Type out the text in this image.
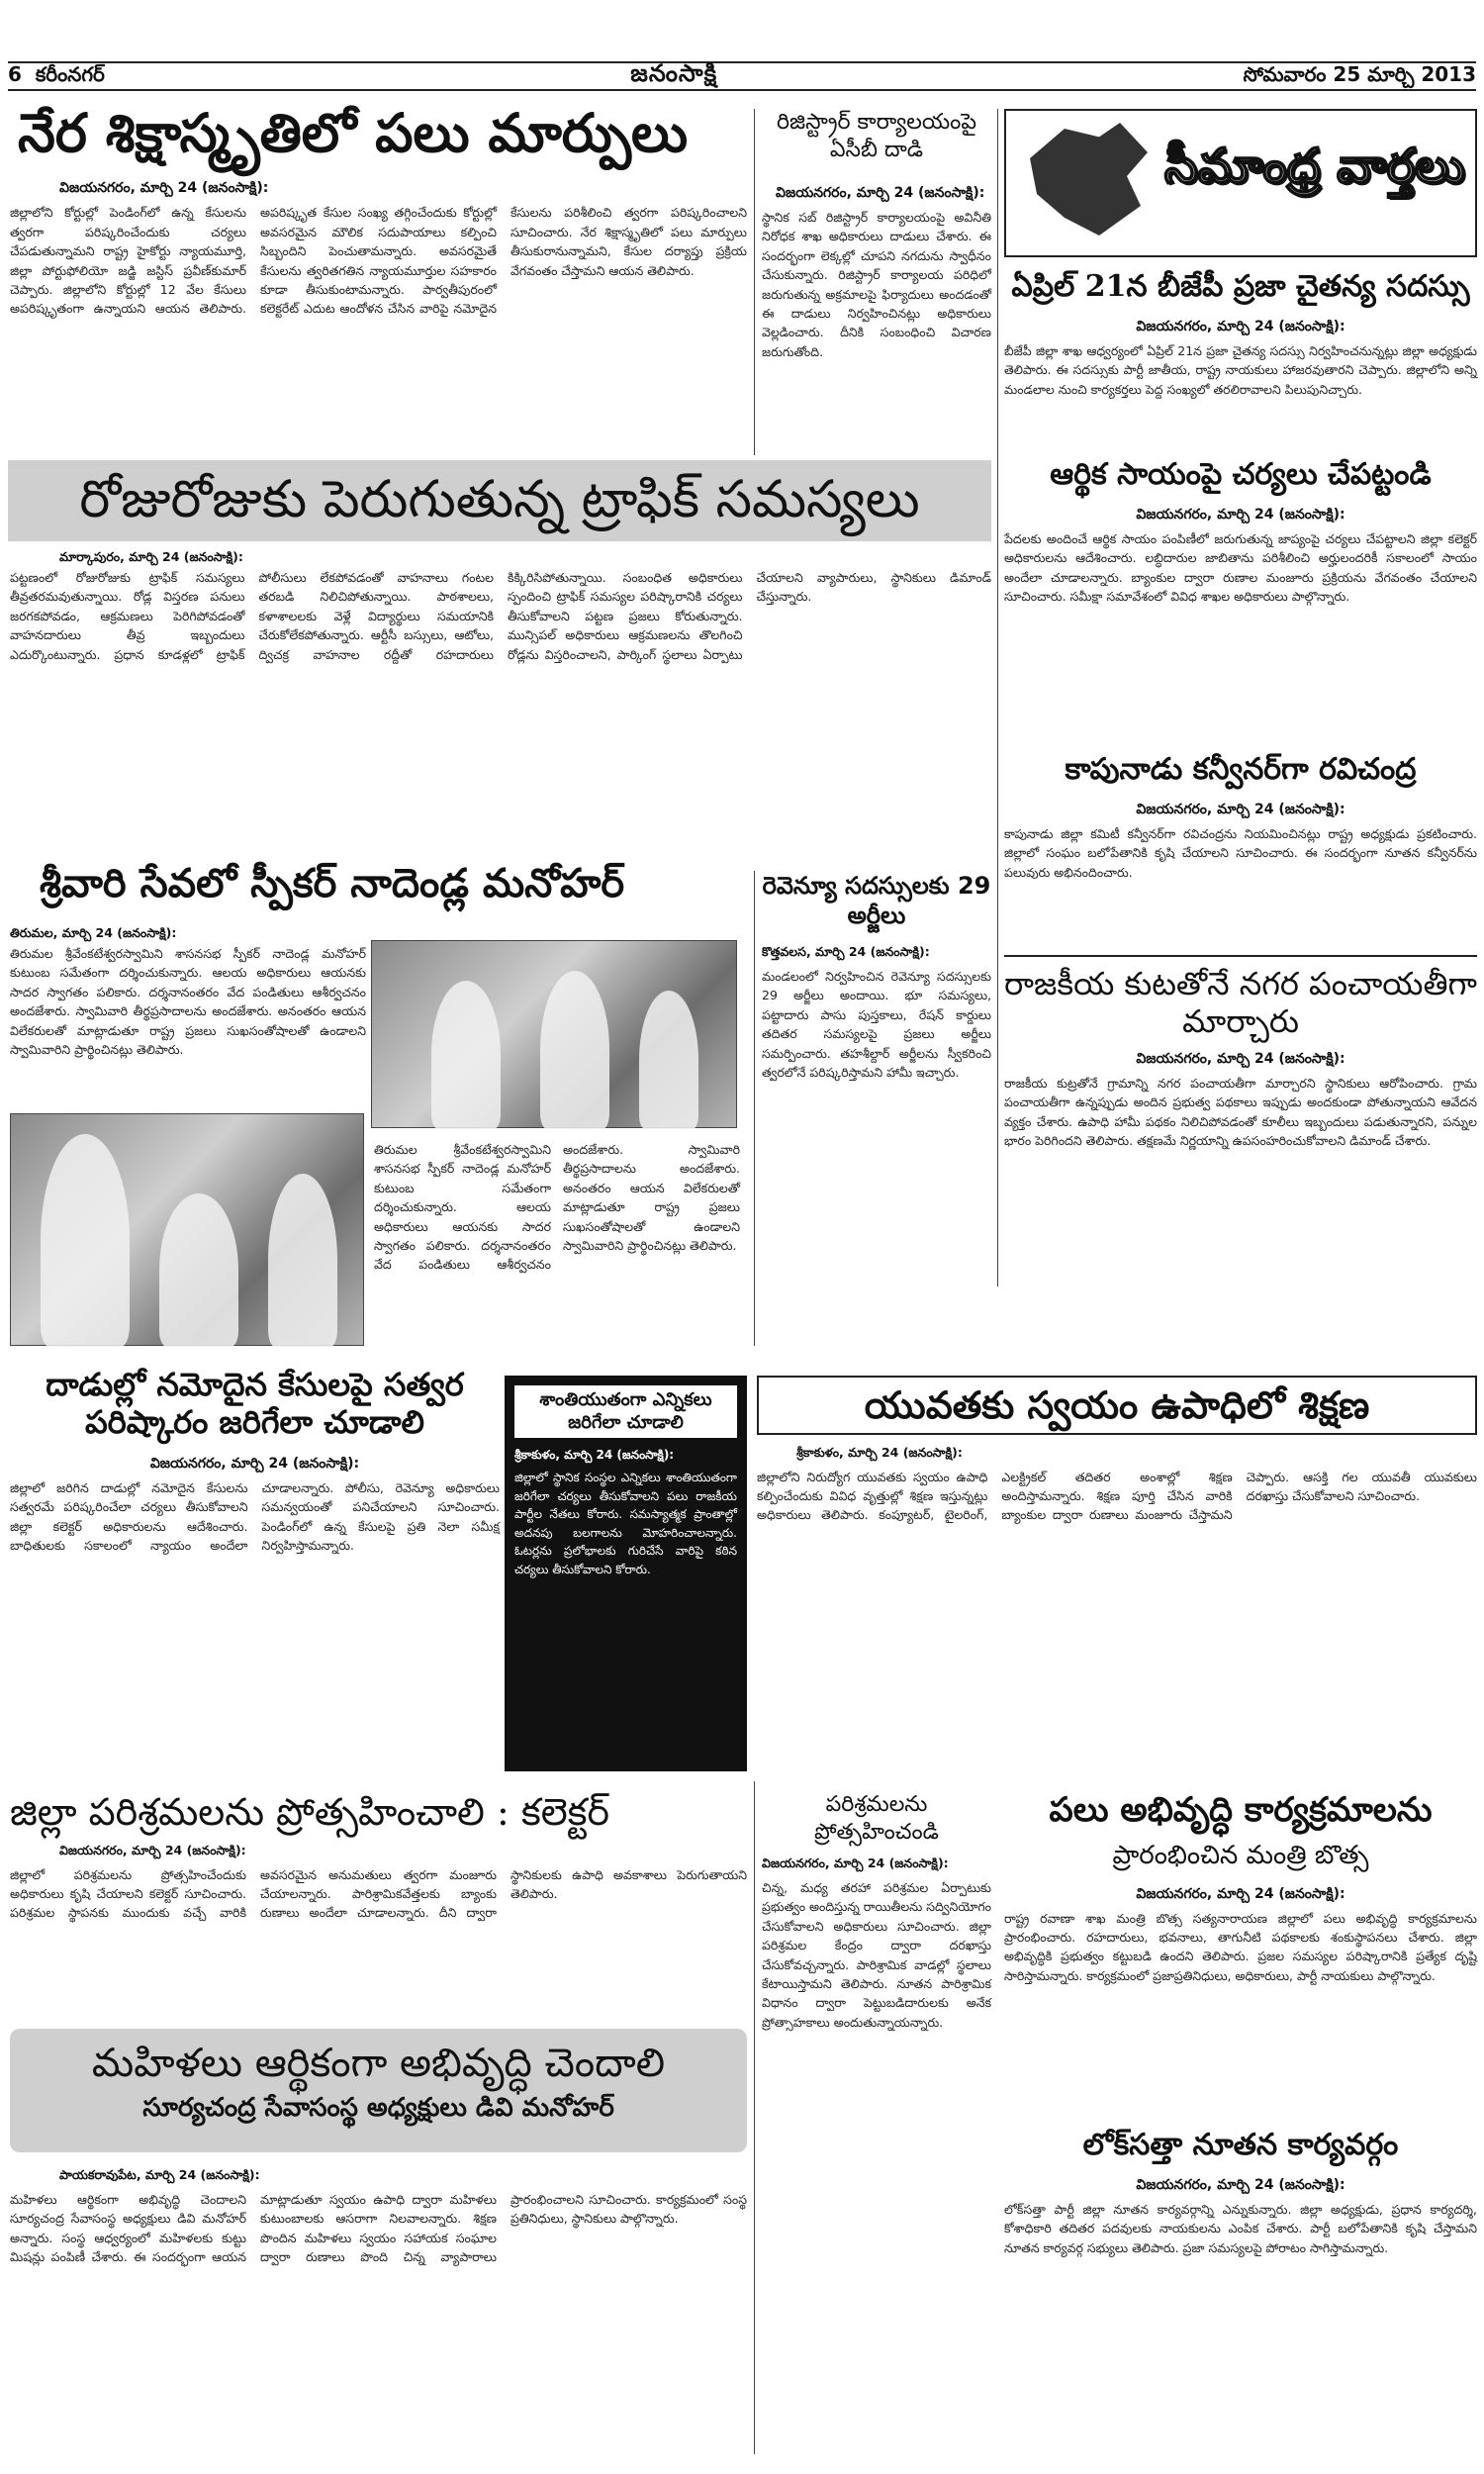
6 కరీంనగర్	జనంసాక్షి	సోమవారం 25 మార్చి 2013
నేర శిక్షాస్మృతిలో పలు మార్పులు
విజయనగరం, మార్చి 24 (జనంసాక్షి):
జిల్లాలోని కోర్టుల్లో పెండింగ్‌లో ఉన్న కేసులను త్వరగా పరిష్కరించేందుకు చర్యలు చేపడుతున్నామని రాష్ట్ర హైకోర్టు న్యాయమూర్తి, జిల్లా పోర్టుఫోలియో జడ్జి జస్టిస్ ప్రవీణ్‌కుమార్ చెప్పారు. జిల్లాలోని కోర్టుల్లో 12 వేల కేసులు అపరిష్కృతంగా ఉన్నాయని ఆయన తెలిపారు. అపరిష్కృత కేసుల సంఖ్య తగ్గించేందుకు కోర్టుల్లో అవసరమైన మౌలిక సదుపాయాలు కల్పించి సిబ్బందిని పెంచుతామన్నారు. అవసరమైతే కేసులను త్వరితగతిన న్యాయమూర్తుల సహకారం కూడా తీసుకుంటామన్నారు. పార్వతీపురంలో కలెక్టరేట్ ఎదుట ఆందోళన చేసిన వారిపై నమోదైన కేసులను పరిశీలించి త్వరగా పరిష్కరించాలని సూచించారు. నేర శిక్షాస్మృతిలో పలు మార్పులు తీసుకురానున్నామని, కేసుల దర్యాప్తు ప్రక్రియ వేగవంతం చేస్తామని ఆయన తెలిపారు.
రిజిస్ట్రార్ కార్యాలయంపై ఏసీబీ దాడి
విజయనగరం, మార్చి 24 (జనంసాక్షి):
స్థానిక సబ్ రిజిస్ట్రార్ కార్యాలయంపై అవినీతి నిరోధక శాఖ అధికారులు దాడులు చేశారు. ఈ సందర్భంగా లెక్కల్లో చూపని నగదును స్వాధీనం చేసుకున్నారు. రిజిస్ట్రార్ కార్యాలయ పరిధిలో జరుగుతున్న అక్రమాలపై ఫిర్యాదులు అందడంతో ఈ దాడులు నిర్వహించినట్లు అధికారులు వెల్లడించారు. దీనికి సంబంధించి విచారణ జరుగుతోంది.
సీమాంధ్ర వార్తలు
ఏప్రిల్ 21న బీజేపీ ప్రజా చైతన్య సదస్సు
విజయనగరం, మార్చి 24 (జనంసాక్షి):
బీజేపీ జిల్లా శాఖ ఆధ్వర్యంలో ఏప్రిల్ 21న ప్రజా చైతన్య సదస్సు నిర్వహించనున్నట్లు జిల్లా అధ్యక్షుడు తెలిపారు. ఈ సదస్సుకు పార్టీ జాతీయ, రాష్ట్ర నాయకులు హాజరవుతారని చెప్పారు. జిల్లాలోని అన్ని మండలాల నుంచి కార్యకర్తలు పెద్ద సంఖ్యలో తరలిరావాలని పిలుపునిచ్చారు.
రోజురోజుకు పెరుగుతున్న ట్రాఫిక్ సమస్యలు
మార్కాపురం, మార్చి 24 (జనంసాక్షి):
పట్టణంలో రోజురోజుకు ట్రాఫిక్ సమస్యలు తీవ్రతరమవుతున్నాయి. రోడ్ల విస్తరణ పనులు జరగకపోవడం, ఆక్రమణలు పెరిగిపోవడంతో వాహనదారులు తీవ్ర ఇబ్బందులు ఎదుర్కొంటున్నారు. ప్రధాన కూడళ్లలో ట్రాఫిక్ పోలీసులు లేకపోవడంతో వాహనాలు గంటల తరబడి నిలిచిపోతున్నాయి. పాఠశాలలు, కళాశాలలకు వెళ్లే విద్యార్థులు సమయానికి చేరుకోలేకపోతున్నారు. ఆర్టీసీ బస్సులు, ఆటోలు, ద్విచక్ర వాహనాల రద్దీతో రహదారులు కిక్కిరిసిపోతున్నాయి. సంబంధిత అధికారులు స్పందించి ట్రాఫిక్ సమస్యల పరిష్కారానికి చర్యలు తీసుకోవాలని పట్టణ ప్రజలు కోరుతున్నారు. మున్సిపల్ అధికారులు ఆక్రమణలను తొలగించి రోడ్లను విస్తరించాలని, పార్కింగ్ స్థలాలు ఏర్పాటు చేయాలని వ్యాపారులు, స్థానికులు డిమాండ్ చేస్తున్నారు.
ఆర్థిక సాయంపై చర్యలు చేపట్టండి
విజయనగరం, మార్చి 24 (జనంసాక్షి):
పేదలకు అందించే ఆర్థిక సాయం పంపిణీలో జరుగుతున్న జాప్యంపై చర్యలు చేపట్టాలని జిల్లా కలెక్టర్ అధికారులను ఆదేశించారు. లబ్ధిదారుల జాబితాను పరిశీలించి అర్హులందరికీ సకాలంలో సాయం అందేలా చూడాలన్నారు. బ్యాంకుల ద్వారా రుణాల మంజూరు ప్రక్రియను వేగవంతం చేయాలని సూచించారు. సమీక్షా సమావేశంలో వివిధ శాఖల అధికారులు పాల్గొన్నారు.
కాపునాడు కన్వీనర్‌గా రవిచంద్ర
విజయనగరం, మార్చి 24 (జనంసాక్షి):
కాపునాడు జిల్లా కమిటీ కన్వీనర్‌గా రవిచంద్రను నియమించినట్లు రాష్ట్ర అధ్యక్షుడు ప్రకటించారు. జిల్లాలో సంఘం బలోపేతానికి కృషి చేయాలని సూచించారు. ఈ సందర్భంగా నూతన కన్వీనర్‌ను పలువురు అభినందించారు.
శ్రీవారి సేవలో స్పీకర్ నాదెండ్ల మనోహర్
తిరుమల, మార్చి 24 (జనంసాక్షి):
తిరుమల శ్రీవేంకటేశ్వరస్వామిని శాసనసభ స్పీకర్ నాదెండ్ల మనోహర్ కుటుంబ సమేతంగా దర్శించుకున్నారు. ఆలయ అధికారులు ఆయనకు సాదర స్వాగతం పలికారు. దర్శనానంతరం వేద పండితులు ఆశీర్వచనం అందజేశారు. స్వామివారి తీర్థప్రసాదాలను అందజేశారు. అనంతరం ఆయన విలేకరులతో మాట్లాడుతూ రాష్ట్ర ప్రజలు సుఖసంతోషాలతో ఉండాలని స్వామివారిని ప్రార్థించినట్లు తెలిపారు.
తిరుమల శ్రీవేంకటేశ్వరస్వామిని శాసనసభ స్పీకర్ నాదెండ్ల మనోహర్ కుటుంబ సమేతంగా దర్శించుకున్నారు. ఆలయ అధికారులు ఆయనకు సాదర స్వాగతం పలికారు. దర్శనానంతరం వేద పండితులు ఆశీర్వచనం అందజేశారు. స్వామివారి తీర్థప్రసాదాలను అందజేశారు. అనంతరం ఆయన విలేకరులతో మాట్లాడుతూ రాష్ట్ర ప్రజలు సుఖసంతోషాలతో ఉండాలని స్వామివారిని ప్రార్థించినట్లు తెలిపారు.
రెవెన్యూ సదస్సులకు 29 అర్జీలు
కొత్తవలస, మార్చి 24 (జనంసాక్షి):
మండలంలో నిర్వహించిన రెవెన్యూ సదస్సులకు 29 అర్జీలు అందాయి. భూ సమస్యలు, పట్టాదారు పాసు పుస్తకాలు, రేషన్ కార్డులు తదితర సమస్యలపై ప్రజలు అర్జీలు సమర్పించారు. తహశీల్దార్ అర్జీలను స్వీకరించి త్వరలోనే పరిష్కరిస్తామని హామీ ఇచ్చారు.
రాజకీయ కుటతోనే నగర పంచాయతీగా మార్చారు
విజయనగరం, మార్చి 24 (జనంసాక్షి):
రాజకీయ కుట్రతోనే గ్రామాన్ని నగర పంచాయతీగా మార్చారని స్థానికులు ఆరోపించారు. గ్రామ పంచాయతీగా ఉన్నప్పుడు అందిన ప్రభుత్వ పథకాలు ఇప్పుడు అందకుండా పోతున్నాయని ఆవేదన వ్యక్తం చేశారు. ఉపాధి హామీ పథకం నిలిచిపోవడంతో కూలీలు ఇబ్బందులు పడుతున్నారని, పన్నుల భారం పెరిగిందని తెలిపారు. తక్షణమే నిర్ణయాన్ని ఉపసంహరించుకోవాలని డిమాండ్ చేశారు.
దాడుల్లో నమోదైన కేసులపై సత్వర పరిష్కారం జరిగేలా చూడాలి
విజయనగరం, మార్చి 24 (జనంసాక్షి):
జిల్లాలో జరిగిన దాడుల్లో నమోదైన కేసులను సత్వరమే పరిష్కరించేలా చర్యలు తీసుకోవాలని జిల్లా కలెక్టర్ అధికారులను ఆదేశించారు. బాధితులకు సకాలంలో న్యాయం అందేలా చూడాలన్నారు. పోలీసు, రెవెన్యూ అధికారులు సమన్వయంతో పనిచేయాలని సూచించారు. పెండింగ్‌లో ఉన్న కేసులపై ప్రతి నెలా సమీక్ష నిర్వహిస్తామన్నారు.
శాంతియుతంగా ఎన్నికలు జరిగేలా చూడాలి
శ్రీకాకుళం, మార్చి 24 (జనంసాక్షి):
జిల్లాలో స్థానిక సంస్థల ఎన్నికలు శాంతియుతంగా జరిగేలా చర్యలు తీసుకోవాలని పలు రాజకీయ పార్టీల నేతలు కోరారు. సమస్యాత్మక ప్రాంతాల్లో అదనపు బలగాలను మోహరించాలన్నారు. ఓటర్లను ప్రలోభాలకు గురిచేసే వారిపై కఠిన చర్యలు తీసుకోవాలని కోరారు.
యువతకు స్వయం ఉపాధిలో శిక్షణ
శ్రీకాకుళం, మార్చి 24 (జనంసాక్షి):
జిల్లాలోని నిరుద్యోగ యువతకు స్వయం ఉపాధి కల్పించేందుకు వివిధ వృత్తుల్లో శిక్షణ ఇస్తున్నట్లు అధికారులు తెలిపారు. కంప్యూటర్, టైలరింగ్, ఎలక్ట్రికల్ తదితర అంశాల్లో శిక్షణ అందిస్తామన్నారు. శిక్షణ పూర్తి చేసిన వారికి బ్యాంకుల ద్వారా రుణాలు మంజూరు చేస్తామని చెప్పారు. ఆసక్తి గల యువతీ యువకులు దరఖాస్తు చేసుకోవాలని సూచించారు.
జిల్లా పరిశ్రమలను ప్రోత్సహించాలి : కలెక్టర్
విజయనగరం, మార్చి 24 (జనంసాక్షి):
జిల్లాలో పరిశ్రమలను ప్రోత్సహించేందుకు అధికారులు కృషి చేయాలని కలెక్టర్ సూచించారు. పరిశ్రమల స్థాపనకు ముందుకు వచ్చే వారికి అవసరమైన అనుమతులు త్వరగా మంజూరు చేయాలన్నారు. పారిశ్రామికవేత్తలకు బ్యాంకు రుణాలు అందేలా చూడాలన్నారు. దీని ద్వారా స్థానికులకు ఉపాధి అవకాశాలు పెరుగుతాయని తెలిపారు.
మహిళలు ఆర్థికంగా అభివృద్ధి చెందాలి
సూర్యచంద్ర సేవాసంస్థ అధ్యక్షులు డివి మనోహర్
పాయకరావుపేట, మార్చి 24 (జనంసాక్షి):
మహిళలు ఆర్థికంగా అభివృద్ధి చెందాలని సూర్యచంద్ర సేవాసంస్థ అధ్యక్షులు డివి మనోహర్ అన్నారు. సంస్థ ఆధ్వర్యంలో మహిళలకు కుట్టు మిషన్లు పంపిణీ చేశారు. ఈ సందర్భంగా ఆయన మాట్లాడుతూ స్వయం ఉపాధి ద్వారా మహిళలు కుటుంబాలకు ఆసరాగా నిలవాలన్నారు. శిక్షణ పొందిన మహిళలు స్వయం సహాయక సంఘాల ద్వారా రుణాలు పొంది చిన్న వ్యాపారాలు ప్రారంభించాలని సూచించారు. కార్యక్రమంలో సంస్థ ప్రతినిధులు, స్థానికులు పాల్గొన్నారు.
పరిశ్రమలను ప్రోత్సహించండి
విజయనగరం, మార్చి 24 (జనంసాక్షి):
చిన్న, మధ్య తరహా పరిశ్రమల ఏర్పాటుకు ప్రభుత్వం అందిస్తున్న రాయితీలను సద్వినియోగం చేసుకోవాలని అధికారులు సూచించారు. జిల్లా పరిశ్రమల కేంద్రం ద్వారా దరఖాస్తు చేసుకోవచ్చన్నారు. పారిశ్రామిక వాడల్లో స్థలాలు కేటాయిస్తామని తెలిపారు. నూతన పారిశ్రామిక విధానం ద్వారా పెట్టుబడిదారులకు అనేక ప్రోత్సాహకాలు అందుతున్నాయన్నారు.
పలు అభివృద్ధి కార్యక్రమాలను
ప్రారంభించిన మంత్రి బొత్స
విజయనగరం, మార్చి 24 (జనంసాక్షి):
రాష్ట్ర రవాణా శాఖ మంత్రి బొత్స సత్యనారాయణ జిల్లాలో పలు అభివృద్ధి కార్యక్రమాలను ప్రారంభించారు. రహదారులు, భవనాలు, తాగునీటి పథకాలకు శంకుస్థాపనలు చేశారు. జిల్లా అభివృద్ధికి ప్రభుత్వం కట్టుబడి ఉందని తెలిపారు. ప్రజల సమస్యల పరిష్కారానికి ప్రత్యేక దృష్టి సారిస్తామన్నారు. కార్యక్రమంలో ప్రజాప్రతినిధులు, అధికారులు, పార్టీ నాయకులు పాల్గొన్నారు.
లోక్‌సత్తా నూతన కార్యవర్గం
విజయనగరం, మార్చి 24 (జనంసాక్షి):
లోక్‌సత్తా పార్టీ జిల్లా నూతన కార్యవర్గాన్ని ఎన్నుకున్నారు. జిల్లా అధ్యక్షుడు, ప్రధాన కార్యదర్శి, కోశాధికారి తదితర పదవులకు నాయకులను ఎంపిక చేశారు. పార్టీ బలోపేతానికి కృషి చేస్తామని నూతన కార్యవర్గ సభ్యులు తెలిపారు. ప్రజా సమస్యలపై పోరాటం సాగిస్తామన్నారు.
